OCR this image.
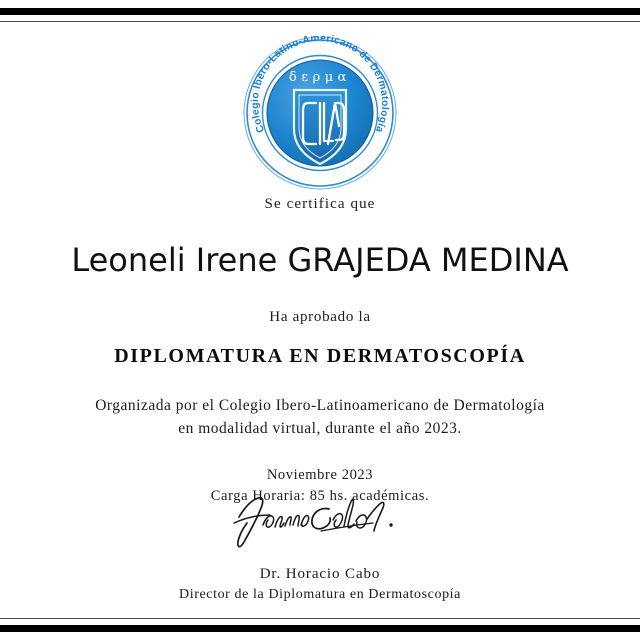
Colegio Ibero-Latino-Americano de Dermatología
δερμα

Se certifica que

Leoneli Irene GRAJEDA MEDINA

Ha aprobado la

DIPLOMATURA EN DERMATOSCOPÍA

Organizada por el Colegio Ibero-Latinoamericano de Dermatología
en modalidad virtual, durante el año 2023.
Noviembre 2023
Carga Horaria: 85 hs. académicas.

Dr. Horacio Cabo

Director de la Diplomatura en Dermatoscopía
